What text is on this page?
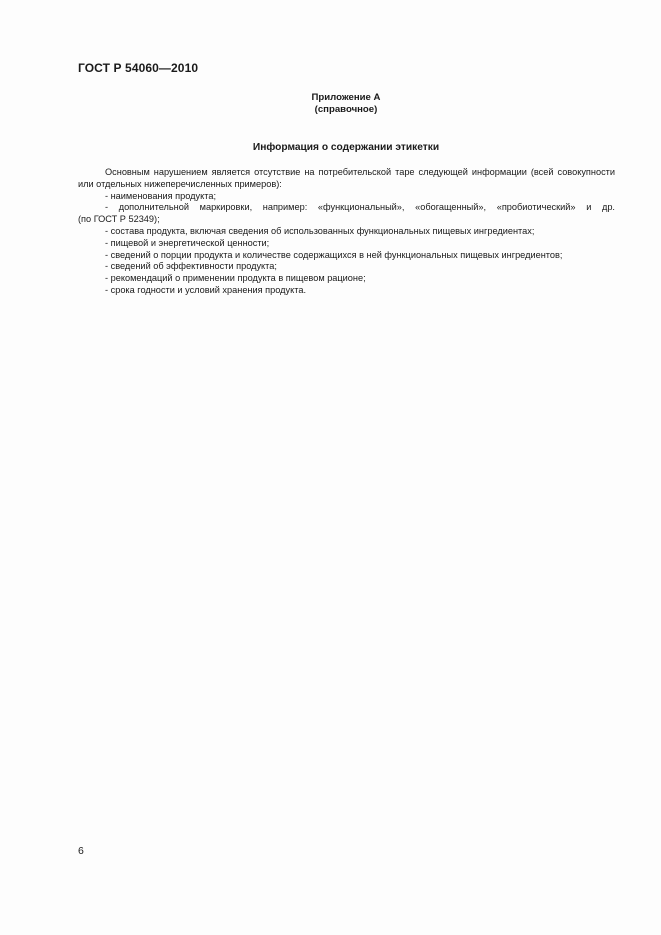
ГОСТ Р 54060—2010
Приложение А
(справочное)
Информация о содержании этикетки

Основным нарушением является отсутствие на потребительской таре следующей информации (всей совокупности или отдельных нижеперечисленных примеров):

- наименования продукта;

- дополнительной маркировки, например: «функциональный», «обогащенный», «пробиотический» и др.

(по ГОСТ Р 52349);

- состава продукта, включая сведения об использованных функциональных пищевых ингредиентах;

- пищевой и энергетической ценности;

- сведений о порции продукта и количестве содержащихся в ней функциональных пищевых ингредиентов;

- сведений об эффективности продукта;

- рекомендаций о применении продукта в пищевом рационе;

- срока годности и условий хранения продукта.

6
